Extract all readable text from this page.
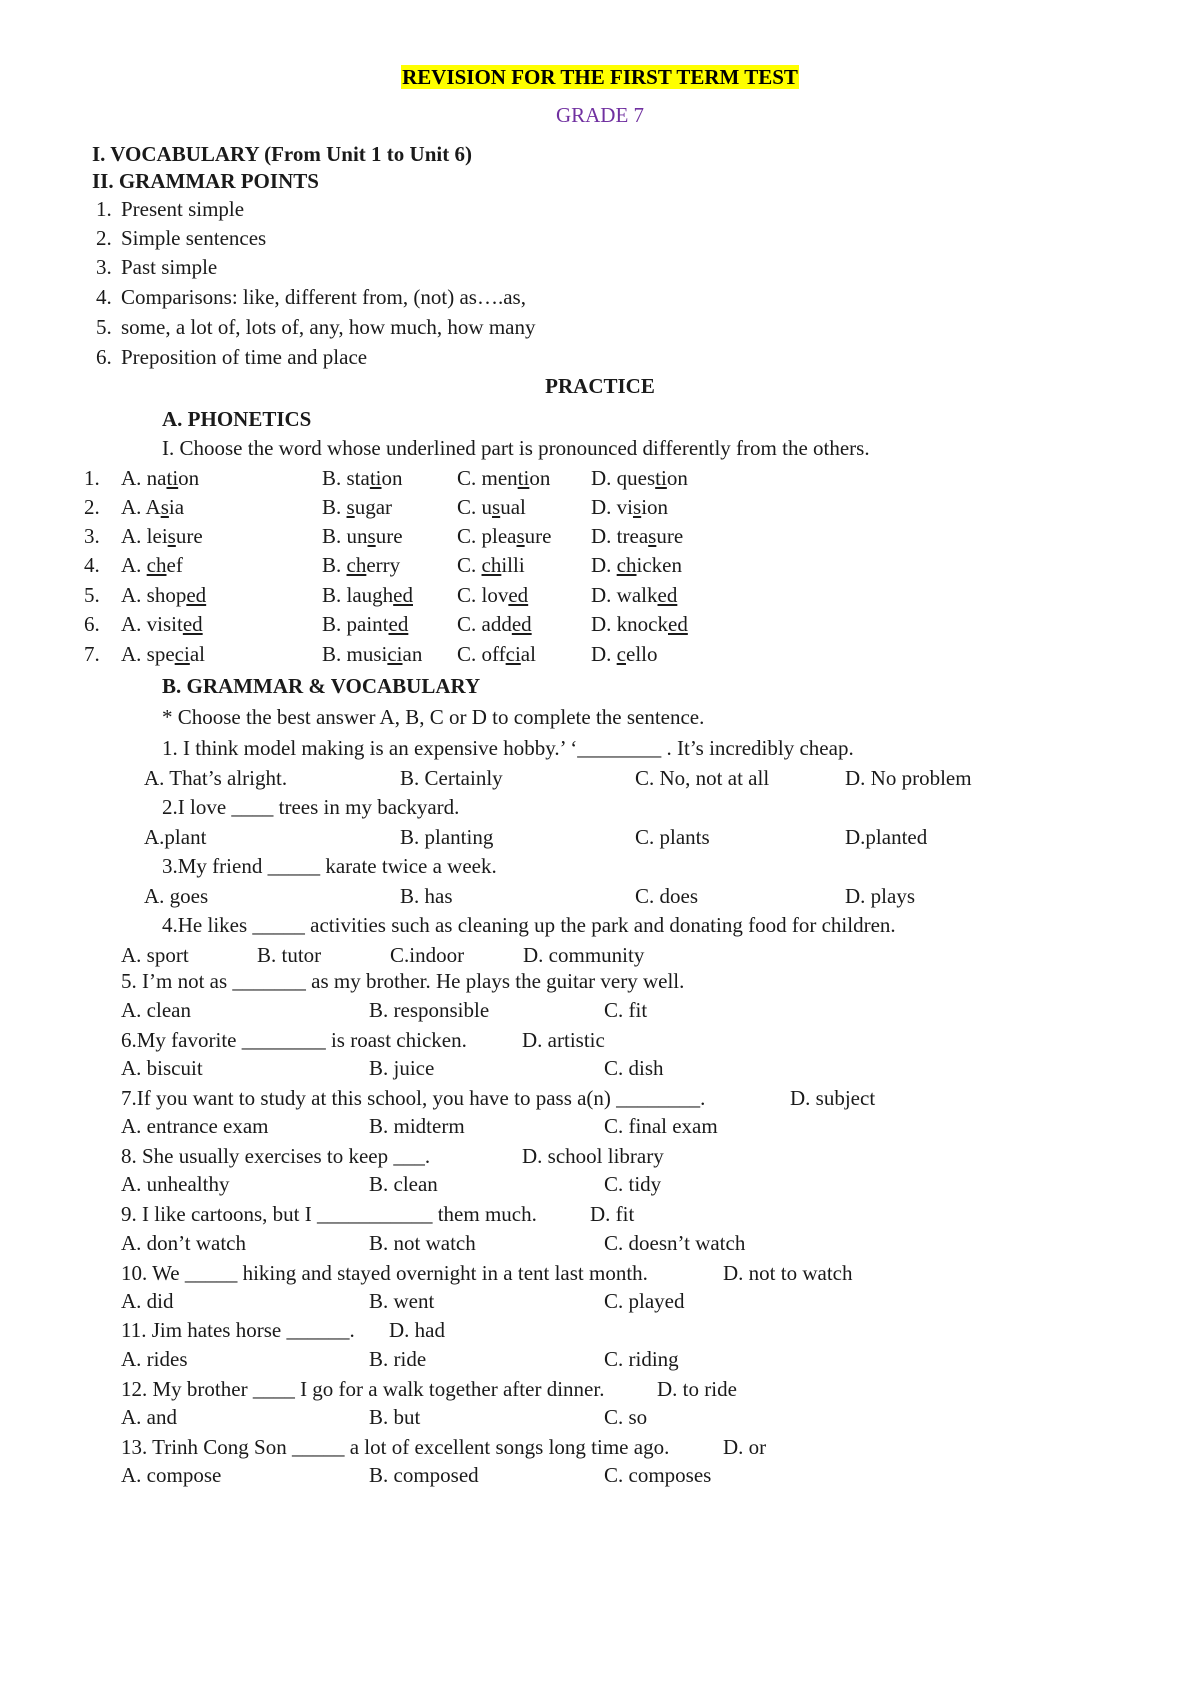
REVISION FOR THE FIRST TERM TEST
GRADE 7
I. VOCABULARY (From Unit 1 to Unit 6)
II. GRAMMAR POINTS
1. Present simple
2. Simple sentences
3. Past simple
4. Comparisons: like, different from, (not) as….as,
5. some, a lot of, lots of, any, how much, how many
6. Preposition of time and place
PRACTICE
A. PHONETICS
I. Choose the word whose underlined part is pronounced differently from the others.
1. A. nation	B. station	C. mention D. question
2. A. Asia	B. sugar	C. usual	D. vision
3. A. leisure	B. unsure	C. pleasure D. treasure
4. A. chef	B. cherry	C. chilli	D. chicken
5. A. shoped	B. laughed C. loved	D. walked
6. A. visited	B. painted C. added	D. knocked
7. A. special	B. musician C. offcial	D. cello
B. GRAMMAR & VOCABULARY
* Choose the best answer A, B, C or D to complete the sentence.
1. I think model making is an expensive hobby.’ ‘________ . It’s incredibly cheap.
A. That’s alright.	B. Certainly	C. No, not at all	D. No problem
2.I love ____ trees in my backyard.
A.plant	B. planting	C. plants	D.planted
3.My friend _____ karate twice a week.
A. goes	B. has	C. does	D. plays
4.He likes _____ activities such as cleaning up the park and donating food for children.
A. sport	B. tutor	C.indoor	D. community
5. I’m not as _______ as my brother. He plays the guitar very well.
A. clean	B. responsible	C. fit
6.My favorite ________ is roast chicken.	D. artistic
A. biscuit	B. juice	C. dish
7.If you want to study at this school, you have to pass a(n) ________.	D. subject
A. entrance exam	B. midterm	C. final exam
8. She usually exercises to keep ___.	D. school library
A. unhealthy	B. clean	C. tidy
9. I like cartoons, but I ___________ them much.	D. fit
A. don’t watch	B. not watch	C. doesn’t watch
10. We _____ hiking and stayed overnight in a tent last month.	D. not to watch
A. did	B. went	C. played
11. Jim hates horse ______. D. had
A. rides	B. ride	C. riding
12. My brother ____ I go for a walk together after dinner.	D. to ride
A. and	B. but	C. so
13. Trinh Cong Son _____ a lot of excellent songs long time ago.	D. or
A. compose	B. composed	C. composes
